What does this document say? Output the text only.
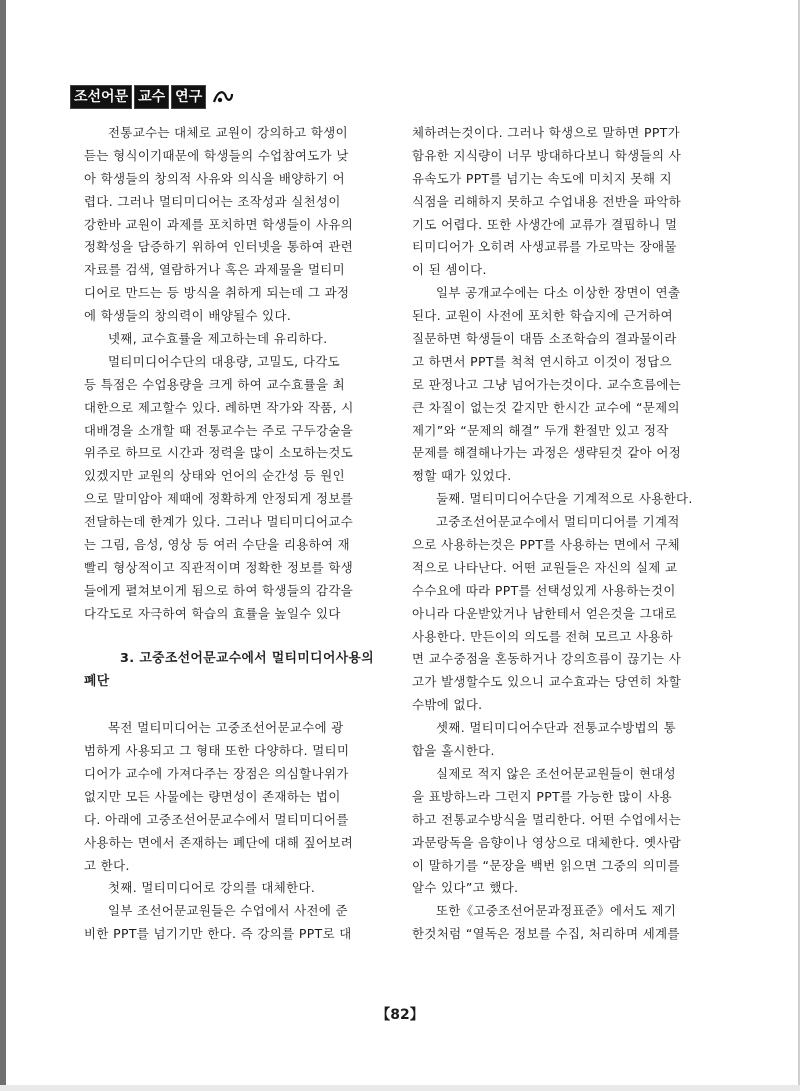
조선어문 교수 연구
전통교수는 대체로 교원이 강의하고 학생이
듣는 형식이기때문에 학생들의 수업참여도가 낮
아 학생들의 창의적 사유와 의식을 배양하기 어
렵다. 그러나 멀티미디어는 조작성과 실천성이
강한바 교원이 과제를 포치하면 학생들이 사유의
정확성을 담증하기 위하여 인터넷을 통하여 관련
자료를 검색, 열람하거나 혹은 과제물을 멀티미
디어로 만드는 등 방식을 취하게 되는데 그 과정
에 학생들의 창의력이 배양될수 있다.
넷째, 교수효률을 제고하는데 유리하다.
멀티미디어수단의 대용량, 고밀도, 다각도
등 특점은 수업용량을 크게 하여 교수효률을 최
대한으로 제고할수 있다. 례하면 작가와 작품, 시
대배경을 소개할 때 전통교수는 주로 구두강술을
위주로 하므로 시간과 정력을 많이 소모하는것도
있겠지만 교원의 상태와 언어의 순간성 등 원인
으로 말미암아 제때에 정확하게 안정되게 정보를
전달하는데 한계가 있다. 그러나 멀티미디어교수
는 그림, 음성, 영상 등 여러 수단을 리용하여 재
빨리 형상적이고 직관적이며 정확한 정보를 학생
들에게 펼쳐보이게 됨으로 하여 학생들의 감각을
다각도로 자극하여 학습의 효률을 높일수 있다
3. 고중조선어문교수에서 멀티미디어사용의
폐단
목전 멀티미디어는 고중조선어문교수에 광
범하게 사용되고 그 형태 또한 다양하다. 멀티미
디어가 교수에 가져다주는 장점은 의심할나위가
없지만 모든 사물에는 량면성이 존재하는 법이
다. 아래에 고중조선어문교수에서 멀티미디어를
사용하는 면에서 존재하는 폐단에 대해 짚어보려
고 한다.
첫째. 멀티미디어로 강의를 대체한다.
일부 조선어문교원들은 수업에서 사전에 준
비한 PPT를 넘기기만 한다. 즉 강의를 PPT로 대
체하려는것이다. 그러나 학생으로 말하면 PPT가
함유한 지식량이 너무 방대하다보니 학생들의 사
유속도가 PPT를 넘기는 속도에 미치지 못해 지
식점을 리해하지 못하고 수업내용 전반을 파악하
기도 어렵다. 또한 사생간에 교류가 결핍하니 멀
티미디어가 오히려 사생교류를 가로막는 장애물
이 된 셈이다.
일부 공개교수에는 다소 이상한 장면이 연출
된다. 교원이 사전에 포치한 학습지에 근거하여
질문하면 학생들이 대뜸 소조학습의 결과물이라
고 하면서 PPT를 척척 연시하고 이것이 정답으
로 판정나고 그냥 넘어가는것이다. 교수흐름에는
큰 차질이 없는것 같지만 한시간 교수에 “문제의
제기”와 “문제의 해결” 두개 환절만 있고 정작
문제를 해결해나가는 과정은 생략된것 같아 어정
쩡할 때가 있었다.
둘째. 멀티미디어수단을 기계적으로 사용한다.
고중조선어문교수에서 멀티미디어를 기계적
으로 사용하는것은 PPT를 사용하는 면에서 구체
적으로 나타난다. 어떤 교원들은 자신의 실제 교
수수요에 따라 PPT를 선택성있게 사용하는것이
아니라 다운받았거나 남한테서 얻은것을 그대로
사용한다. 만든이의 의도를 전혀 모르고 사용하
면 교수중점을 혼동하거나 강의흐름이 끊기는 사
고가 발생할수도 있으니 교수효과는 당연히 차할
수밖에 없다.
셋째. 멀티미디어수단과 전통교수방법의 통
합을 홀시한다.
실제로 적지 않은 조선어문교원들이 현대성
을 표방하느라 그런지 PPT를 가능한 많이 사용
하고 전통교수방식을 멀리한다. 어떤 수업에서는
과문랑독을 음향이나 영상으로 대체한다. 옛사람
이 말하기를 “문장을 백번 읽으면 그중의 의미를
알수 있다”고 했다.
또한《고중조선어문과정표준》에서도 제기
한것처럼 “열독은 정보를 수집, 처리하며 세계를
【82】
